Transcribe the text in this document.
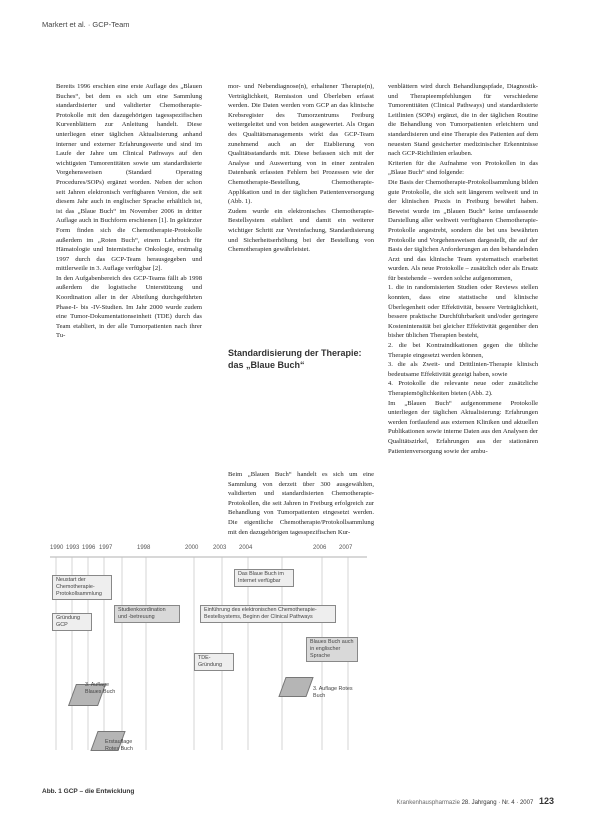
Markert et al. · GCP-Team

Bereits 1996 erschien eine erste Auflage des „Blauen Buches“, bei dem es sich um eine Sammlung standardisierter und validierter Chemotherapie-Protokolle mit den dazugehörigen tagesspezifischen Kurvenblättern zur Anleitung handelt. Diese unterliegen einer täglichen Aktualisierung anhand interner und externer Erfahrungswerte und sind im Laufe der Jahre um Clinical Pathways auf den wichtigsten Tumorentitäten sowie um standardisierte Vorgehensweisen (Standard Operating Procedures/SOPs) ergänzt worden. Neben der schon seit Jahren elektronisch verfügbaren Version, die seit diesem Jahr auch in englischer Sprache erhältlich ist, ist das „Blaue Buch“ im November 2006 in dritter Auflage auch in Buchform erschienen [1]. In gekürzter Form finden sich die Chemotherapie-Protokolle außerdem im „Roten Buch“, einem Lehrbuch für Hämatologie und Internistische Onkologie, erstmalig 1997 durch das GCP-Team herausgegeben und mittlerweile in 3. Auflage verfügbar [2].

In den Aufgabenbereich des GCP-Teams fällt ab 1998 außerdem die logistische Unterstützung und Koordination aller in der Abteilung durchgeführten Phase-I- bis -IV-Studien. Im Jahr 2000 wurde zudem eine Tumor-Dokumentationseinheit (TDE) durch das Team etabliert, in der alle Tumorpatienten nach ihrer Tu-

mor- und Nebendiagnose(n), erhaltener Therapie(n), Verträglichkeit, Remission und Überleben erfasst werden. Die Daten werden vom GCP an das klinische Krebsregister des Tumorzentrums Freiburg weitergeleitet und von beiden ausgewertet. Als Organ des Qualitätsmanagements wirkt das GCP-Team zunehmend auch an der Etablierung von Qualitätsstandards mit. Diese befassen sich mit der Analyse und Auswertung von in einer zentralen Datenbank erfassten Fehlern bei Prozessen wie der Chemotherapie-Bestellung, Chemotherapie-Applikation und in der täglichen Patientenversorgung (Abb. 1).

Zudem wurde ein elektronisches Chemotherapie-Bestellsystem etabliert und damit ein weiterer wichtiger Schritt zur Vereinfachung, Standardisierung und Sicherheitserhöhung bei der Bestellung von Chemotherapien gewährleistet.

Standardisierung der Therapie: das „Blaue Buch“

Beim „Blauen Buch“ handelt es sich um eine Sammlung von derzeit über 300 ausgewählten, validierten und standardisierten Chemotherapie-Protokollen, die seit Jahren in Freiburg erfolgreich zur Behandlung von Tumorpatienten eingesetzt werden. Die eigentliche Chemotherapie/Protokollsammlung mit den dazugehörigen tagesspezifischen Kur-

venblättern wird durch Behandlungspfade, Diagnostik- und Therapieempfehlungen für verschiedene Tumorentitäten (Clinical Pathways) und standardisierte Leitlinien (SOPs) ergänzt, die in der täglichen Routine die Behandlung von Tumorpatienten erleichtern und standardisieren und eine Therapie des Patienten auf dem neuesten Stand gesicherter medizinischer Erkenntnisse nach GCP-Richtlinien erlauben.

Kriterien für die Aufnahme von Protokollen in das „Blaue Buch“ sind folgende:

Die Basis der Chemotherapie-Protokollsammlung bilden gute Protokolle, die sich seit längerem weltweit und in der klinischen Praxis in Freiburg bewährt haben. Beweist wurde im „Blauen Buch“ keine umfassende Darstellung aller weltweit verfügbaren Chemotherapie-Protokolle angestrebt, sondern die bei uns bewährten Protokolle und Vorgehensweisen dargestellt, die auf der Basis der täglichen Anforderungen an den behandelnden Arzt und das klinische Team systematisch erarbeitet wurden. Als neue Protokolle – zusätzlich oder als Ersatz für bestehende – werden solche aufgenommen,

1. die in randomisierten Studien oder Reviews stellen konnten, dass eine statistische und klinische Überlegenheit oder Effektivität, bessere Verträglichkeit, bessere praktische Durchführbarkeit und/oder geringere Kostenintensität bei gleicher Effektivität gegenüber den bisher üblichen Therapien besteht,

2. die bei Kontraindikationen gegen die übliche Therapie eingesetzt werden können,

3. die als Zweit- und Drittlinien-Therapie klinisch bedeutsame Effektivität gezeigt haben, sowie

4. Protokolle die relevante neue oder zusätzliche Therapiemöglichkeiten bieten (Abb. 2).

Im „Blauen Buch“ aufgenommene Protokolle unterliegen der täglichen Aktualisierung: Erfahrungen werden fortlaufend aus externen Kliniken und aktuellen Publikationen sowie interne Daten aus den Analysen der Qualitätszirkel, Erfahrungen aus der stationären Patientenversorgung sowie der ambu-

1990 1993 1996 1997	1998	2000 2003 2004	2006 2007
Neustart der Chemotherapie-Protokollsammlung
Gründung GCP
Studienkoordination und -betreuung
Das Blaue Buch im Internet verfügbar
Einführung des elektronischen Chemotherapie-Bestellsystems, Beginn der Clinical Pathways
TDE-Gründung
Blaues Buch auch in englischer Sprache
3. Auflage Blaues Buch
Erstauflage Rotes Buch
3. Auflage Rotes Buch
Abb. 1 GCP – die Entwicklung
Krankenhauspharmazie 28. Jahrgang · Nr. 4 · 2007 123
